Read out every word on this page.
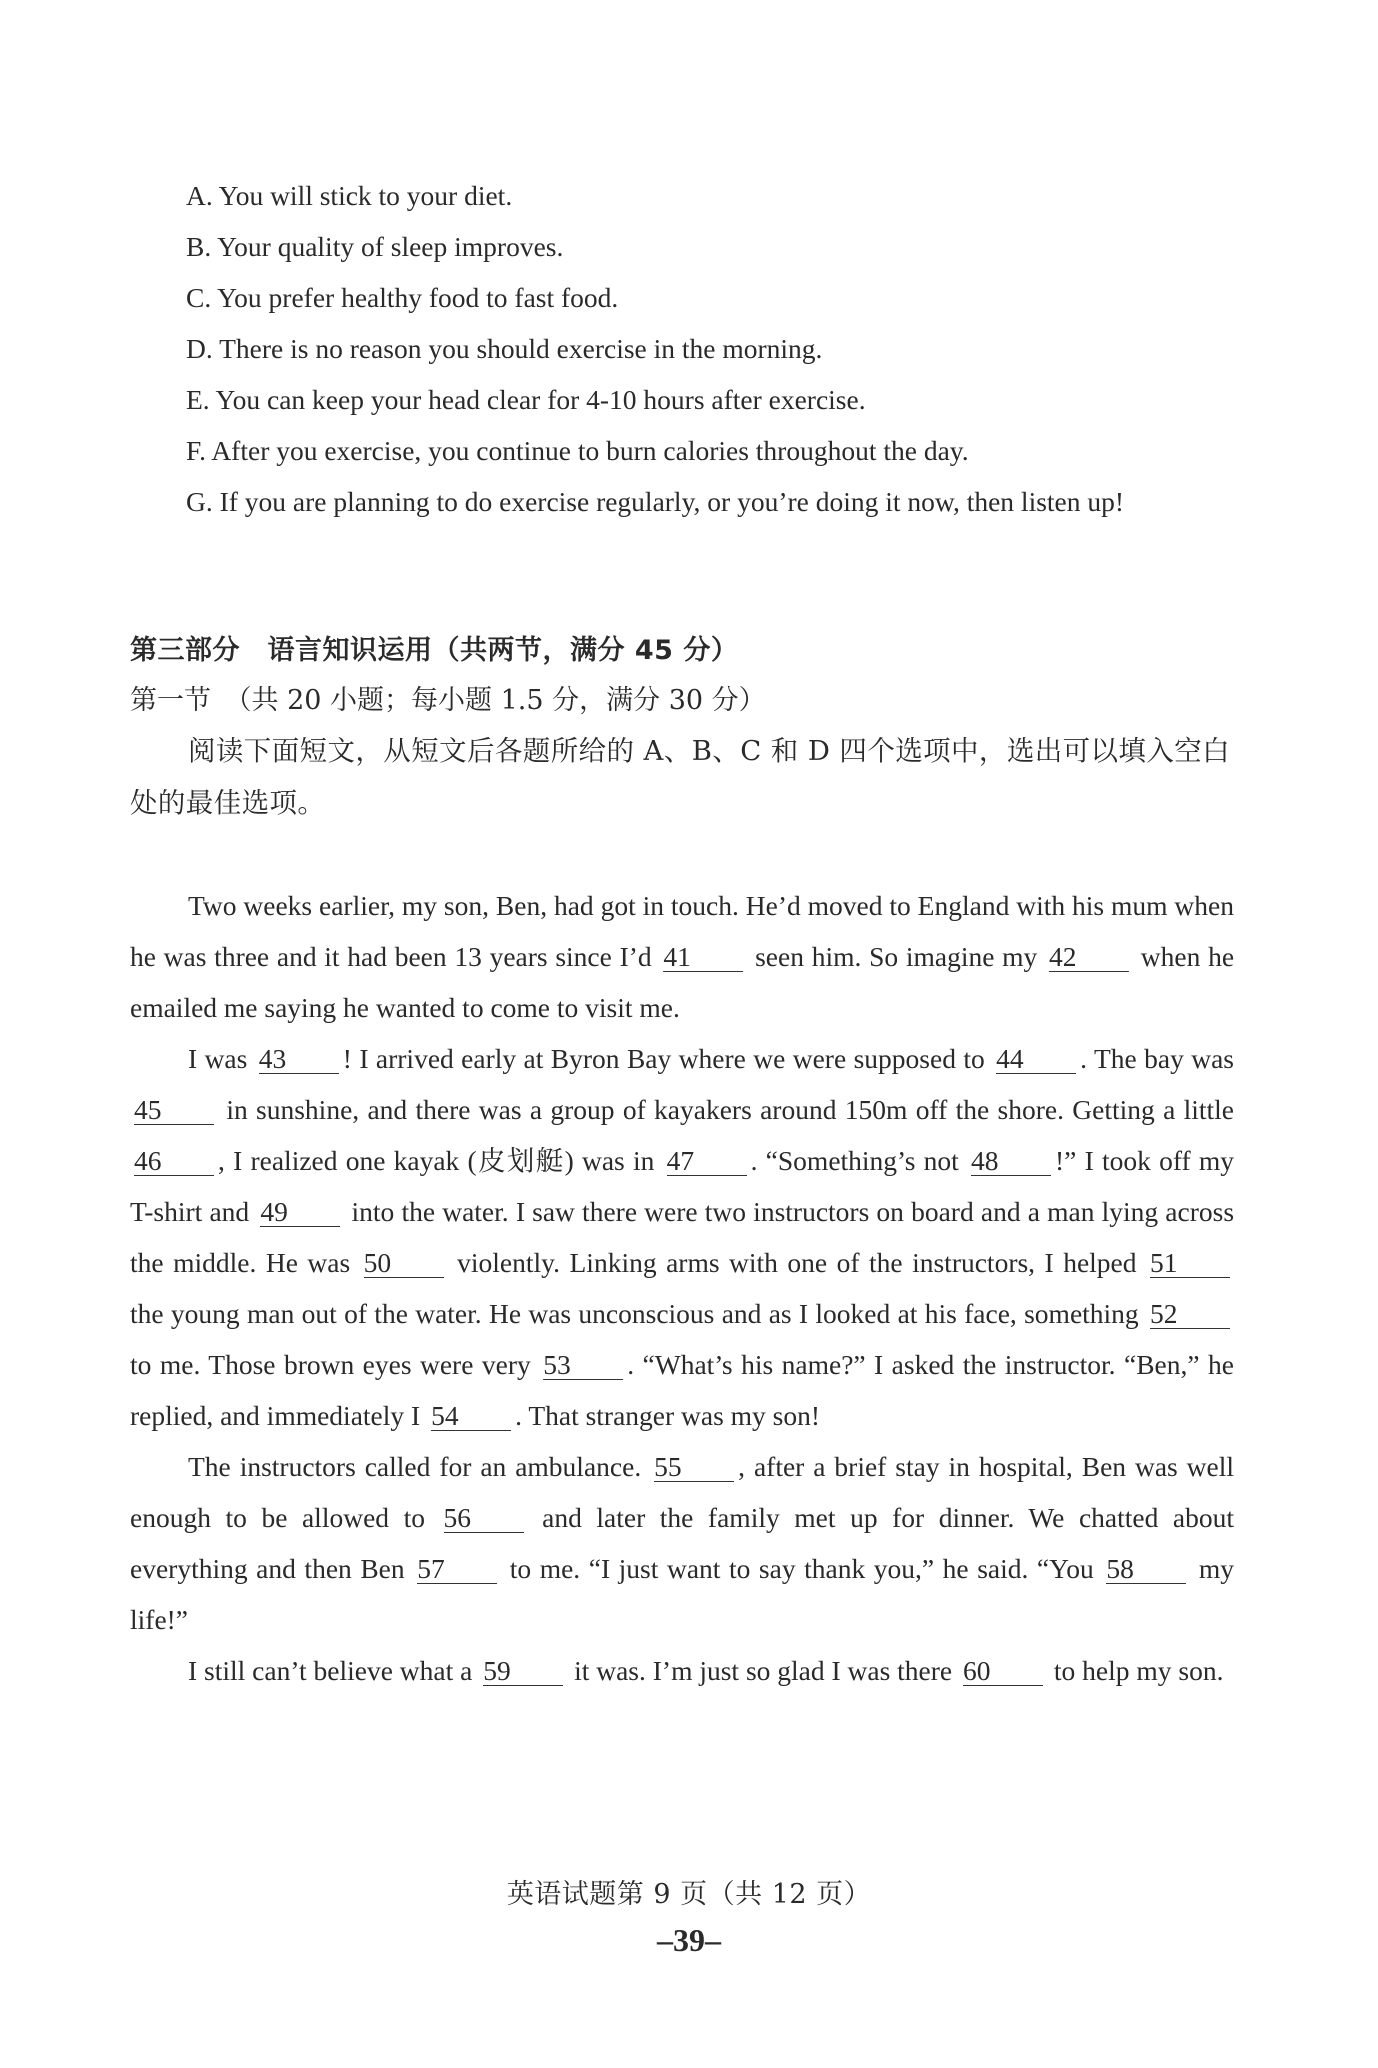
A. You will stick to your diet.
B. Your quality of sleep improves.
C. You prefer healthy food to fast food.
D. There is no reason you should exercise in the morning.
E. You can keep your head clear for 4-10 hours after exercise.
F. After you exercise, you continue to burn calories throughout the day.
G. If you are planning to do exercise regularly, or you’re doing it now, then listen up!
第三部分　语言知识运用（共两节，满分 45 分）
第一节　（共 20 小题；每小题 1.5 分，满分 30 分）
阅读下面短文，从短文后各题所给的 A、B、C 和 D 四个选项中，选出可以填入空白处的最佳选项。

Two weeks earlier, my son, Ben, had got in touch. He’d moved to England with his mum when he was three and it had been 13 years since I’d 41 seen him. So imagine my 42 when he emailed me saying he wanted to come to visit me.

I was 43 ! I arrived early at Byron Bay where we were supposed to 44 . The bay was 45 in sunshine, and there was a group of kayakers around 150m off the shore. Getting a little 46 , I realized one kayak (皮划艇) was in 47 . “Something’s not 48 !” I took off my T-shirt and 49 into the water. I saw there were two instructors on board and a man lying across the middle. He was 50 violently. Linking arms with one of the instructors, I helped 51 the young man out of the water. He was unconscious and as I looked at his face, something 52 to me. Those brown eyes were very 53 . “What’s his name?” I asked the instructor. “Ben,” he replied, and immediately I 54 . That stranger was my son!

The instructors called for an ambulance. 55 , after a brief stay in hospital, Ben was well enough to be allowed to 56	and later the family met up for dinner. We chatted about everything and then Ben 57 to me. “I just want to say thank you,” he said. “You 58 my life!”

I still can’t believe what a 59 it was. I’m just so glad I was there 60 to help my son.

英语试题第 9 页（共 12 页）
–39–
